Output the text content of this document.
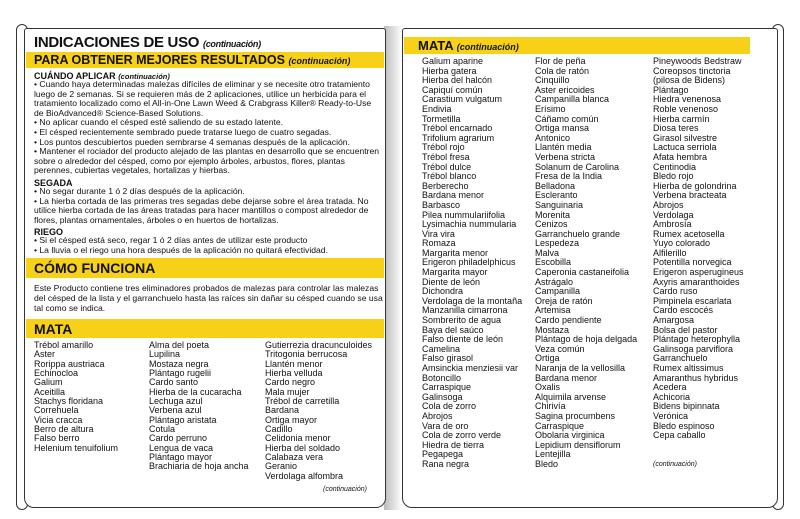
INDICACIONES DE USO (continuación)
PARA OBTENER MEJORES RESULTADOS (continuación)
CUÁNDO APLICAR (continuación)
• Cuando haya determinadas malezas difíciles de eliminar y se necesite otro tratamiento
luego de 2 semanas. Si se requieren más de 2 aplicaciones, utilice un herbicida para el
tratamiento localizado como el All-in-One Lawn Weed & Crabgrass Killer® Ready-to-Use
de BioAdvanced® Science-Based Solutions.
• No aplicar cuando el césped esté saliendo de su estado latente.
• El césped recientemente sembrado puede tratarse luego de cuatro segadas.
• Los puntos descubiertos pueden sembrarse 4 semanas después de la aplicación.
• Mantener el rociador del producto alejado de las plantas en desarrollo que se encuentren
sobre o alrededor del césped, como por ejemplo árboles, arbustos, flores, plantas
perennes, cubiertas vegetales, hortalizas y hierbas.
SEGADA
• No segar durante 1 ó 2 días después de la aplicación.
• La hierba cortada de las primeras tres segadas debe dejarse sobre el área tratada. No
utilice hierba cortada de las áreas tratadas para hacer mantillos o compost alrededor de
flores, plantas ornamentales, árboles o en huertos de hortalizas.
RIEGO
• Si el césped está seco, regar 1 ó 2 días antes de utilizar este producto
• La lluvia o el riego una hora después de la aplicación no quitará efectividad.
CÓMO FUNCIONA
Este Producto contiene tres eliminadores probados de malezas para controlar las malezas
del césped de la lista y el garranchuelo hasta las raíces sin dañar su césped cuando se usa
tal como se indica.
MATA
Trébol amarillo
Aster
Rorippa austriaca
Echinocloa
Galium
Aceitilla
Stachys floridana
Correhuela
Vicia cracca
Berro de altura
Falso berro
Helenium tenuifolium
Alma del poeta
Lupilina
Mostaza negra
Plántago rugelii
Cardo santo
Hierba de la cucaracha
Lechuga azul
Verbena azul
Plántago aristata
Cotula
Cardo perruno
Lengua de vaca
Plántago mayor
Brachiaria de hoja ancha
Gutierrezia dracunculoides
Tritogonia berrucosa
Llantén menor
Hierba velluda
Cardo negro
Mala mujer
Trébol de carretilla
Bardana
Ortiga mayor
Cadillo
Celidonia menor
Hierba del soldado
Calabaza vera
Geranio
Verdolaga alfombra
(continuación)
MATA (continuación)
Galium aparine
Hierba gatera
Hierba del halcón
Capiquí común
Carastium vulgatum
Endivia
Tormetilla
Trébol encarnado
Trifolium agrarium
Trébol rojo
Trébol fresa
Trébol dulce
Trébol blanco
Berberecho
Bardana menor
Barbasco
Pilea nummulariifolia
Lysimachia nummularia
Vira vira
Romaza
Margarita menor
Erigeron philadelphicus
Margarita mayor
Diente de león
Dichondra
Verdolaga de la montaña
Manzanilla cimarrona
Sombrerito de agua
Baya del saúco
Falso diente de león
Camelina
Falso girasol
Amsinckia menziesii var
Botoncillo
Carraspique
Galinsoga
Cola de zorro
Abrojos
Vara de oro
Cola de zorro verde
Hiedra de tierra
Pegapega
Rana negra
Flor de peña
Cola de ratón
Cinquillo
Aster ericoides
Campanilla blanca
Erísimo
Cáñamo común
Ortiga mansa
Antonico
Llantén media
Verbena stricta
Solanum de Carolina
Fresa de la India
Belladona
Escleranto
Sanguinaria
Morenita
Cenizos
Garranchuelo grande
Lespedeza
Malva
Escobilla
Caperonia castaneifolia
Astrágalo
Campanilla
Oreja de ratón
Artemisa
Cardo pendiente
Mostaza
Plántago de hoja delgada
Veza común
Ortiga
Naranja de la vellosilla
Bardana menor
Oxalis
Alquimila arvense
Chirivía
Sagina procumbens
Carraspique
Obolaria virginica
Lepidium densiflorum
Lentejilla
Bledo
Pineywoods Bedstraw
Coreopsos tinctoria
(pilosa de Bidens)
Plántago
Hiedra venenosa
Roble venenoso
Hierba carmín
Diosa teres
Girasol silvestre
Lactuca serriola
Afata hembra
Centinodia
Bledo rojo
Hierba de golondrina
Verbena bracteata
Abrojos
Verdolaga
Ambrosía
Rumex acetosella
Yuyo colorado
Alfilerillo
Potentilla norvegica
Erigeron asperugineus
Axyris amaranthoides
Cardo ruso
Pimpinela escarlata
Cardo escocés
Amargosa
Bolsa del pastor
Plántago heterophylla
Galinsoga parviflora
Garranchuelo
Rumex altissimus
Amaranthus hybridus
Acedera
Achicoria
Bidens bipinnata
Verónica
Bledo espinoso
Cepa caballo
(continuación)
